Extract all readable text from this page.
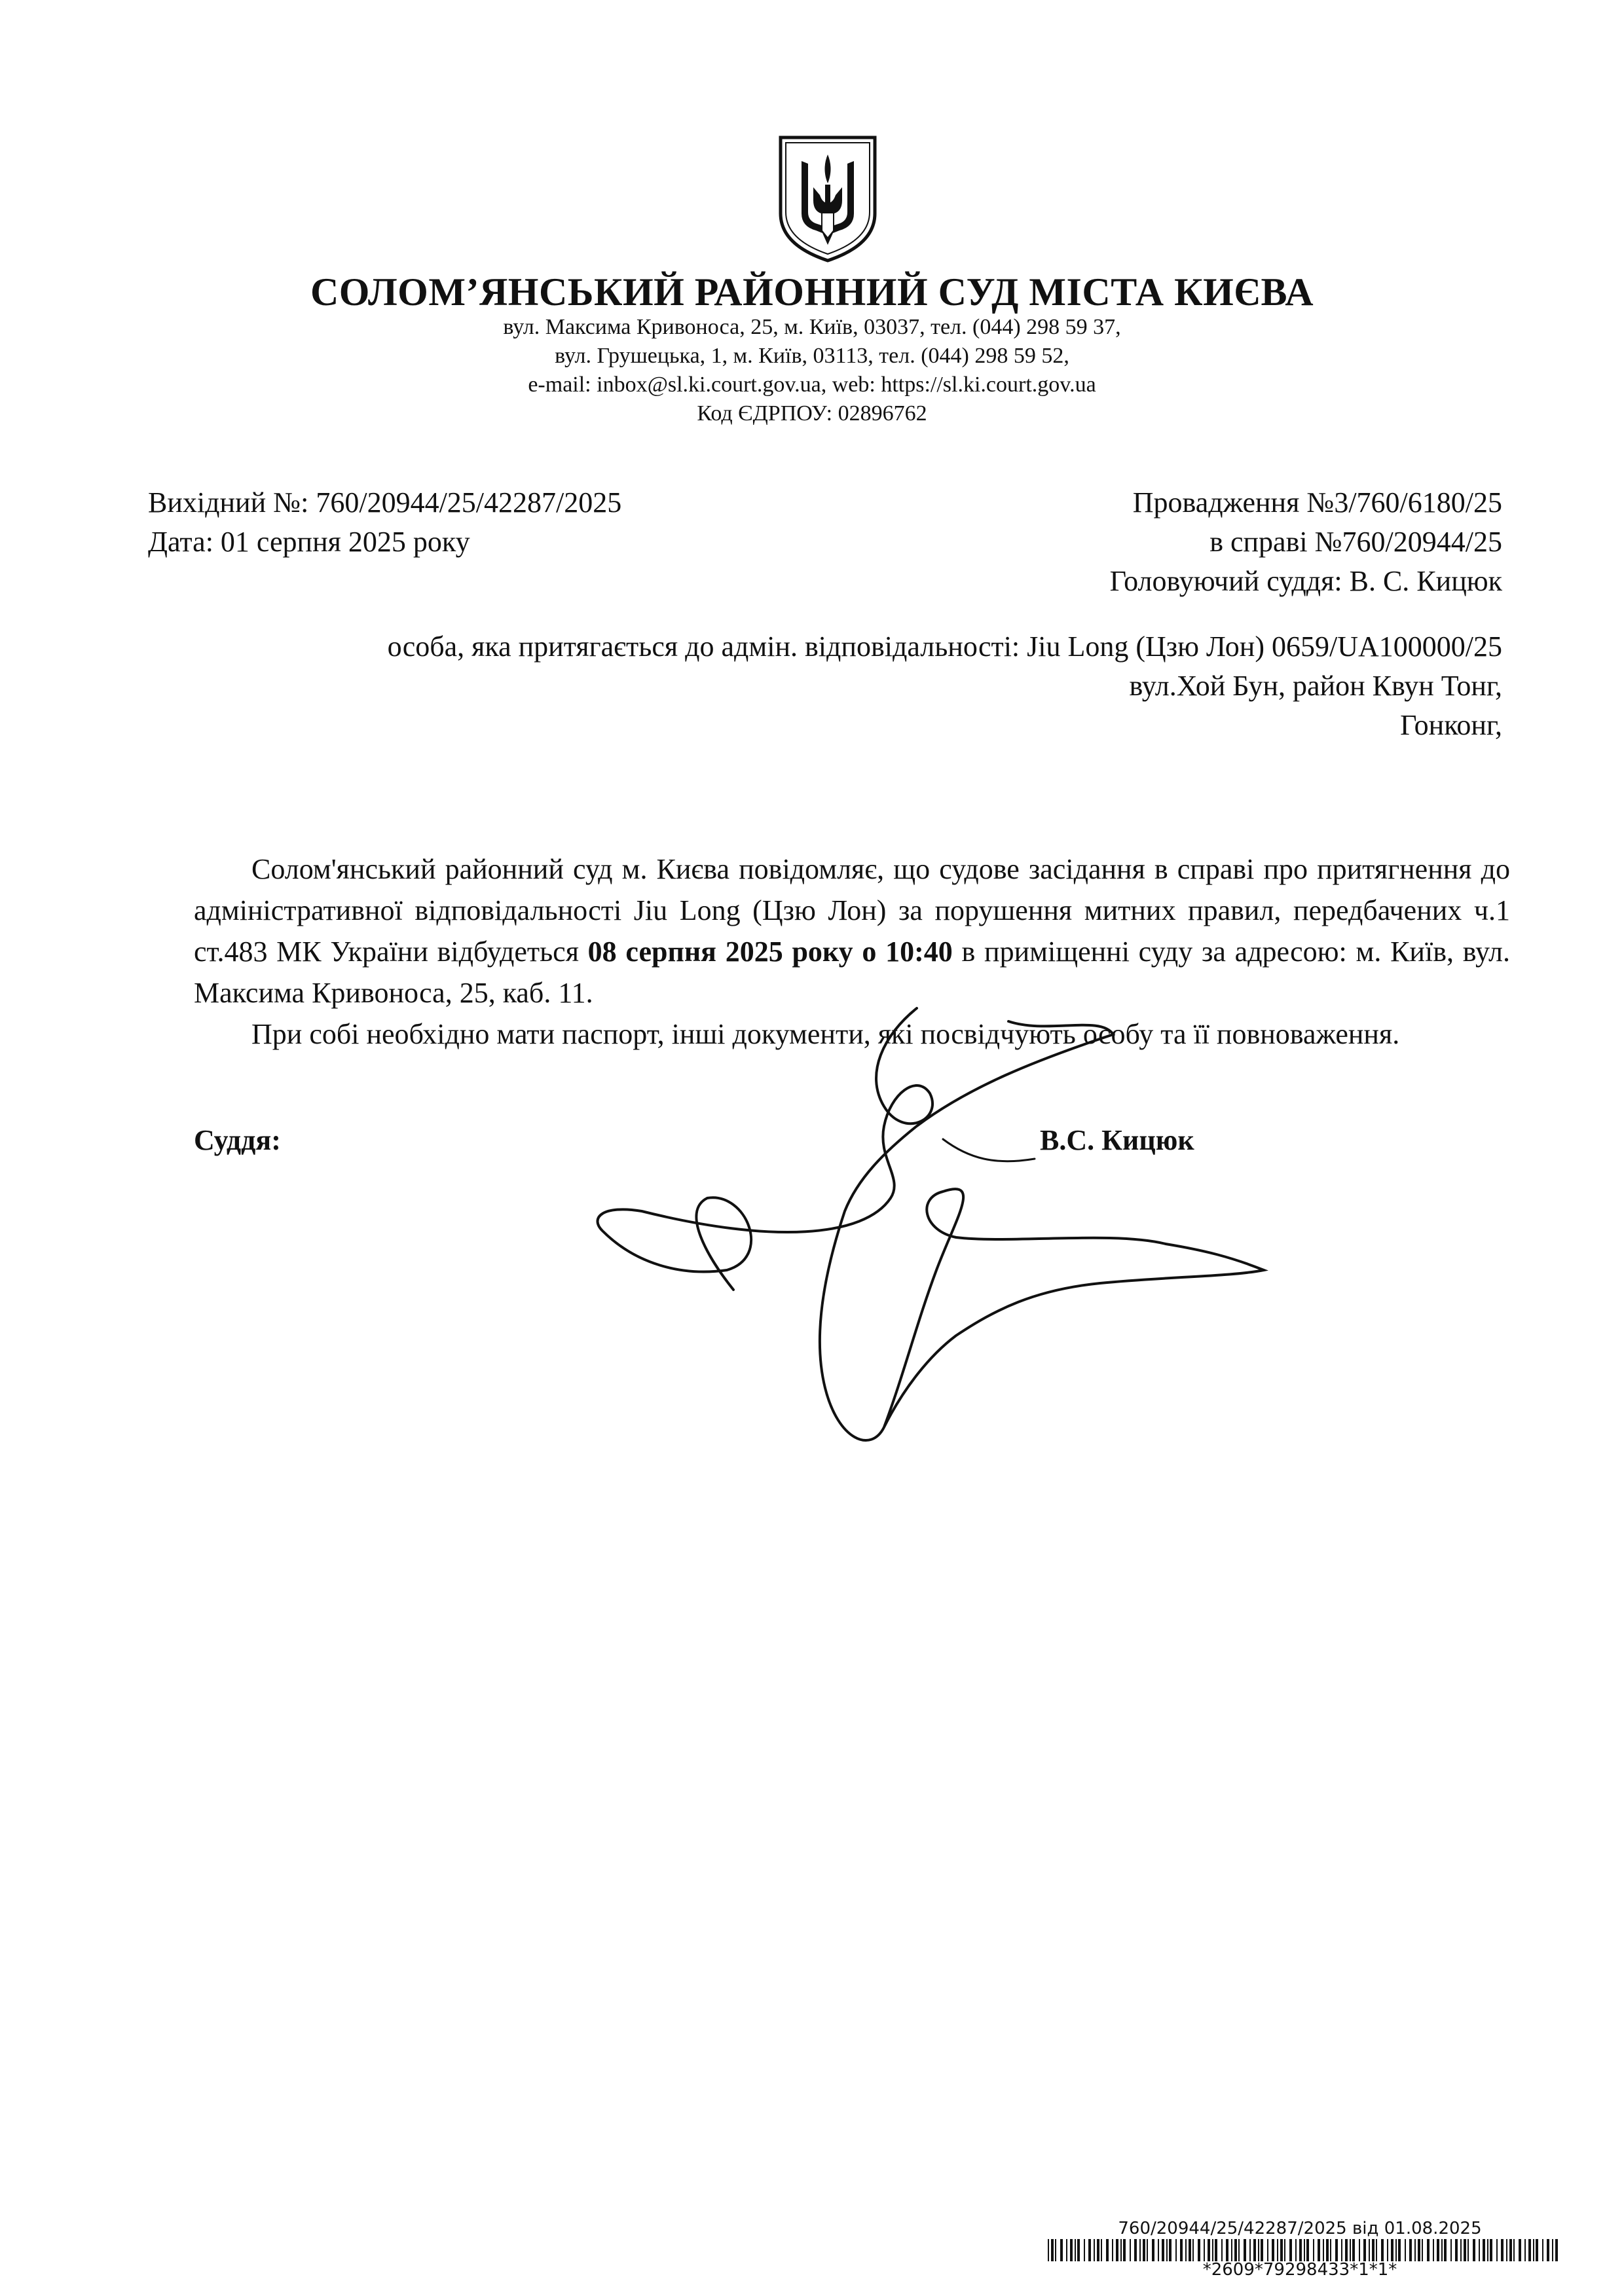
СОЛОМ’ЯНСЬКИЙ РАЙОННИЙ СУД МІСТА КИЄВА
вул. Максима Кривоноса, 25, м. Київ, 03037, тел. (044) 298 59 37,
вул. Грушецька, 1, м. Київ, 03113, тел. (044) 298 59 52,
e-mail: inbox@sl.ki.court.gov.ua, web: https://sl.ki.court.gov.ua
Код ЄДРПОУ: 02896762
Вихідний №: 760/20944/25/42287/2025
Дата: 01 серпня 2025 року
Провадження №3/760/6180/25
в справі №760/20944/25
Головуючий суддя: В. С. Кицюк
особа, яка притягається до адмін. відповідальності: Jiu Long (Цзю Лон) 0659/UA100000/25
вул.Хой Бун, район Квун Тонг,
Гонконг,

  Солом'янський районний суд м. Києва повідомляє, що судове засідання в справі про притягнення до адміністративної відповідальності Jiu Long (Цзю Лон) за порушення митних правил, передбачених ч.1 ст.483 МК України відбудеться 08 серпня 2025 року о 10:40 в приміщенні суду за адресою: м. Київ, вул. Максима Кривоноса, 25, каб. 11.

  При собі необхідно мати паспорт, інші документи, які посвідчують особу та її повноваження.

Суддя:	В.С. Кицюк
760/20944/25/42287/2025 від 01.08.2025
*2609*79298433*1*1*
